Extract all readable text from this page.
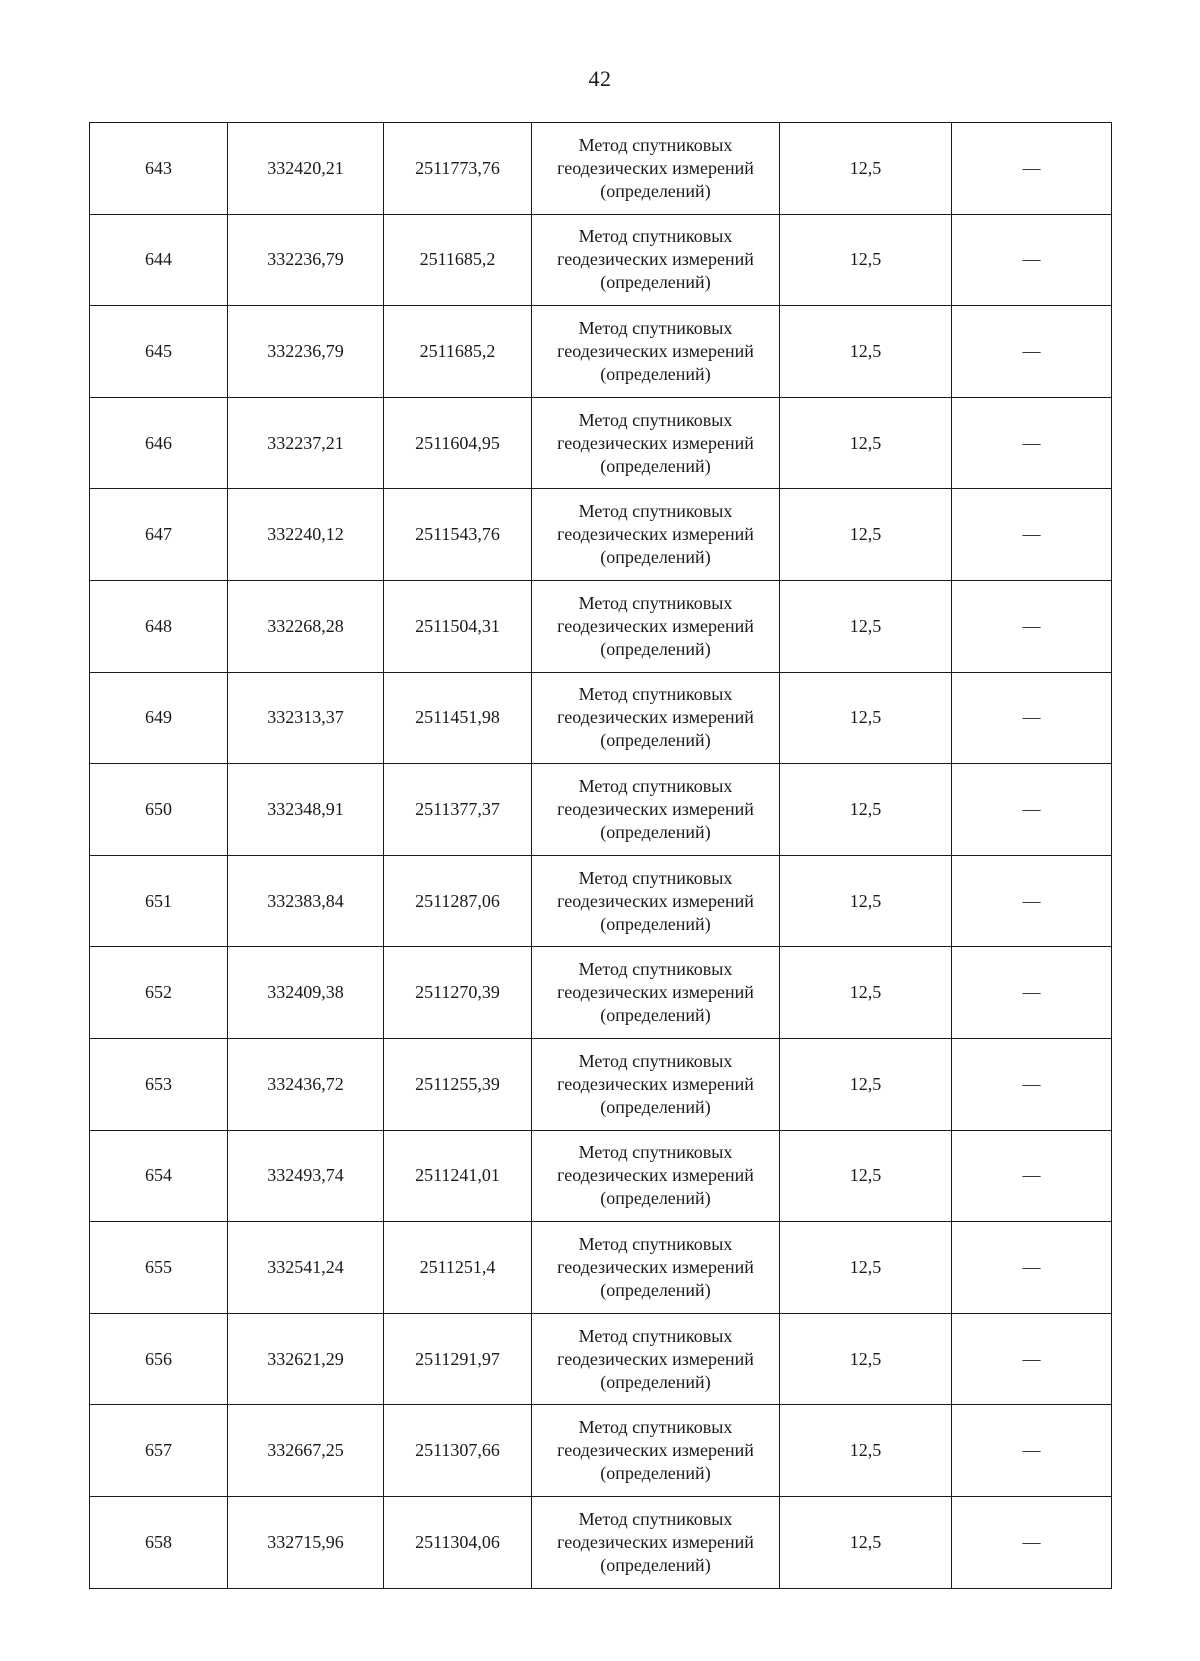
42
643	332420,21	2511773,76	Метод спутниковых
геодезических измерений
(определений)	12,5	—
644	332236,79	2511685,2	Метод спутниковых
геодезических измерений
(определений)	12,5	—
645	332236,79	2511685,2	Метод спутниковых
геодезических измерений
(определений)	12,5	—
646	332237,21	2511604,95	Метод спутниковых
геодезических измерений
(определений)	12,5	—
647	332240,12	2511543,76	Метод спутниковых
геодезических измерений
(определений)	12,5	—
648	332268,28	2511504,31	Метод спутниковых
геодезических измерений
(определений)	12,5	—
649	332313,37	2511451,98	Метод спутниковых
геодезических измерений
(определений)	12,5	—
650	332348,91	2511377,37	Метод спутниковых
геодезических измерений
(определений)	12,5	—
651	332383,84	2511287,06	Метод спутниковых
геодезических измерений
(определений)	12,5	—
652	332409,38	2511270,39	Метод спутниковых
геодезических измерений
(определений)	12,5	—
653	332436,72	2511255,39	Метод спутниковых
геодезических измерений
(определений)	12,5	—
654	332493,74	2511241,01	Метод спутниковых
геодезических измерений
(определений)	12,5	—
655	332541,24	2511251,4	Метод спутниковых
геодезических измерений
(определений)	12,5	—
656	332621,29	2511291,97	Метод спутниковых
геодезических измерений
(определений)	12,5	—
657	332667,25	2511307,66	Метод спутниковых
геодезических измерений
(определений)	12,5	—
658	332715,96	2511304,06	Метод спутниковых
геодезических измерений
(определений)	12,5	—
